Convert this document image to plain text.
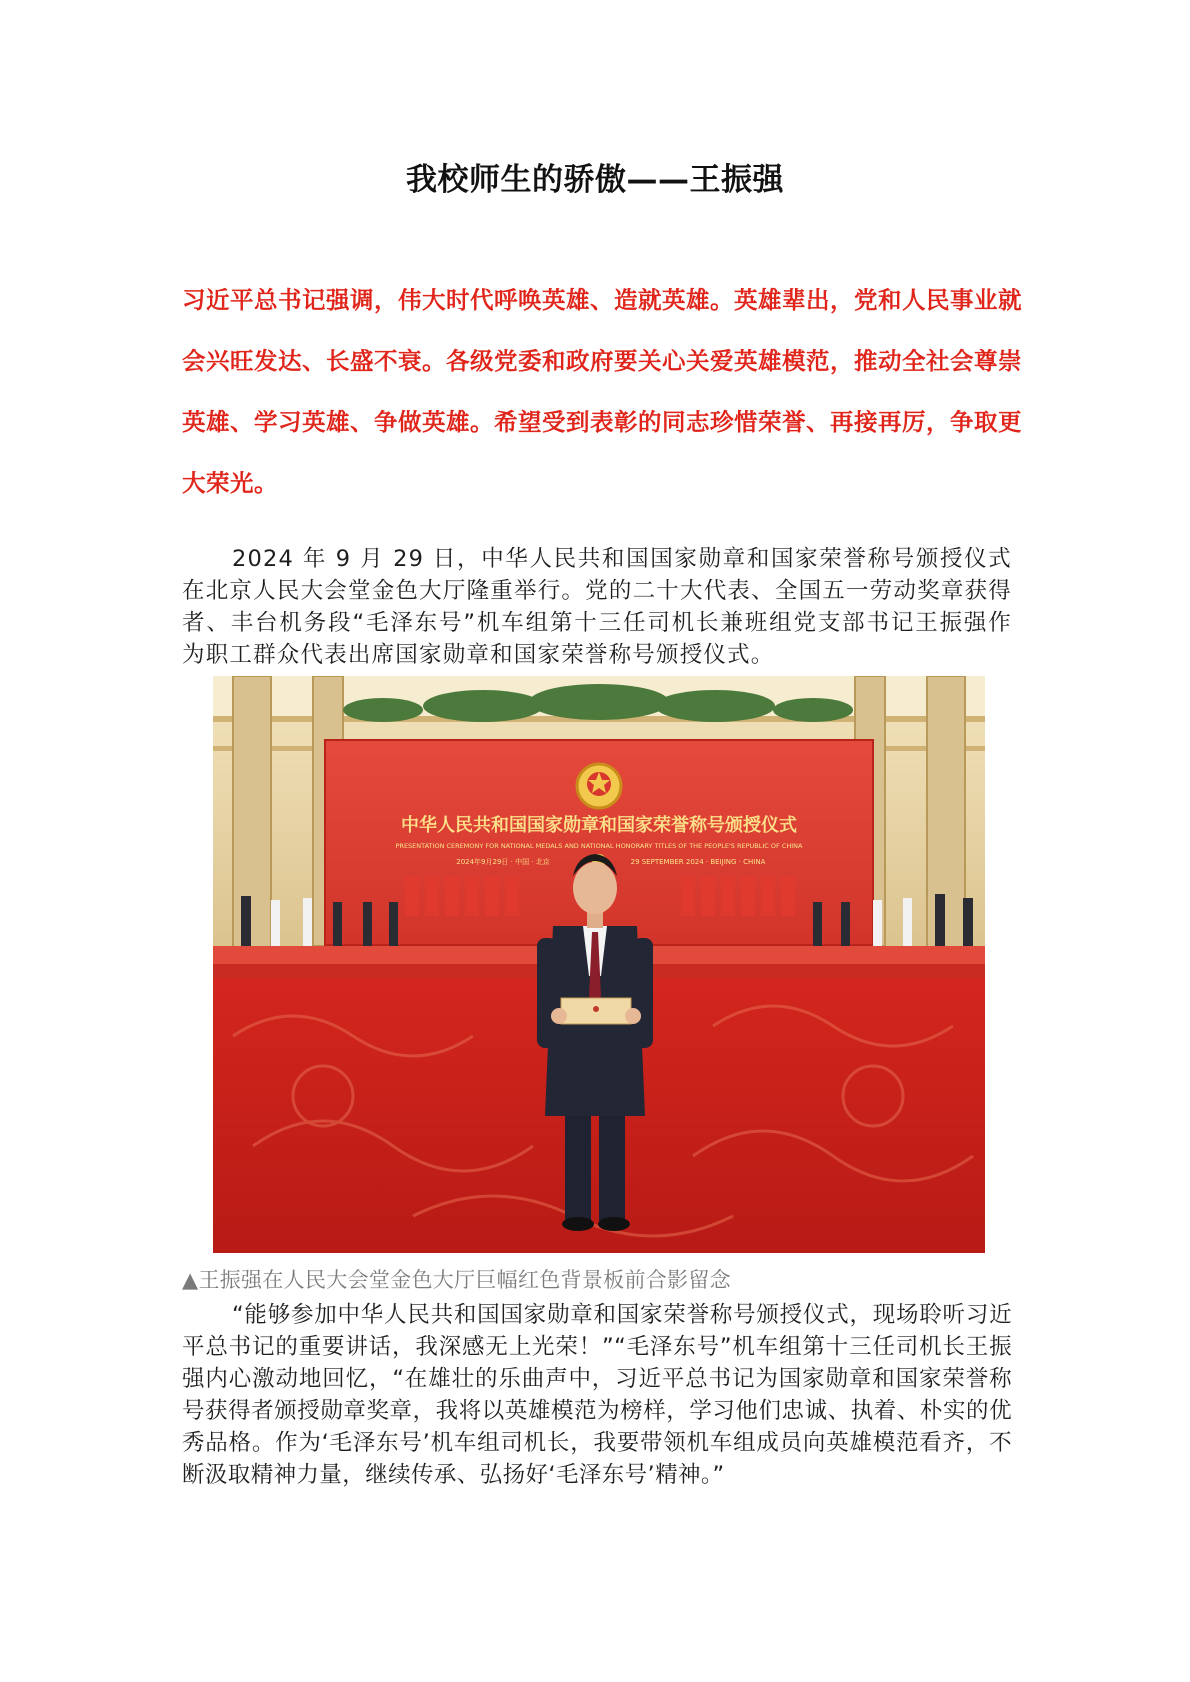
我校师生的骄傲——王振强
习近平总书记强调，伟大时代呼唤英雄、造就英雄。英雄辈出，党和人民事业就会兴旺发达、长盛不衰。各级党委和政府要关心关爱英雄模范，推动全社会尊崇英雄、学习英雄、争做英雄。希望受到表彰的同志珍惜荣誉、再接再厉，争取更大荣光。
2024 年 9 月 29 日，中华人民共和国国家勋章和国家荣誉称号颁授仪式在北京人民大会堂金色大厅隆重举行。党的二十大代表、全国五一劳动奖章获得者、丰台机务段“毛泽东号”机车组第十三任司机长兼班组党支部书记王振强作为职工群众代表出席国家勋章和国家荣誉称号颁授仪式。
中华人民共和国国家勋章和国家荣誉称号颁授仪式
PRESENTATION CEREMONY FOR NATIONAL MEDALS AND NATIONAL HONORARY TITLES OF THE PEOPLE'S REPUBLIC OF CHINA
2024年9月29日 · 中国 · 北京	29 SEPTEMBER 2024 · BEIJING · CHINA
▲王振强在人民大会堂金色大厅巨幅红色背景板前合影留念
“能够参加中华人民共和国国家勋章和国家荣誉称号颁授仪式，现场聆听习近平总书记的重要讲话，我深感无上光荣！”“毛泽东号”机车组第十三任司机长王振强内心激动地回忆，“在雄壮的乐曲声中，习近平总书记为国家勋章和国家荣誉称号获得者颁授勋章奖章，我将以英雄模范为榜样，学习他们忠诚、执着、朴实的优秀品格。作为‘毛泽东号’机车组司机长，我要带领机车组成员向英雄模范看齐，不断汲取精神力量，继续传承、弘扬好‘毛泽东号’精神。”
